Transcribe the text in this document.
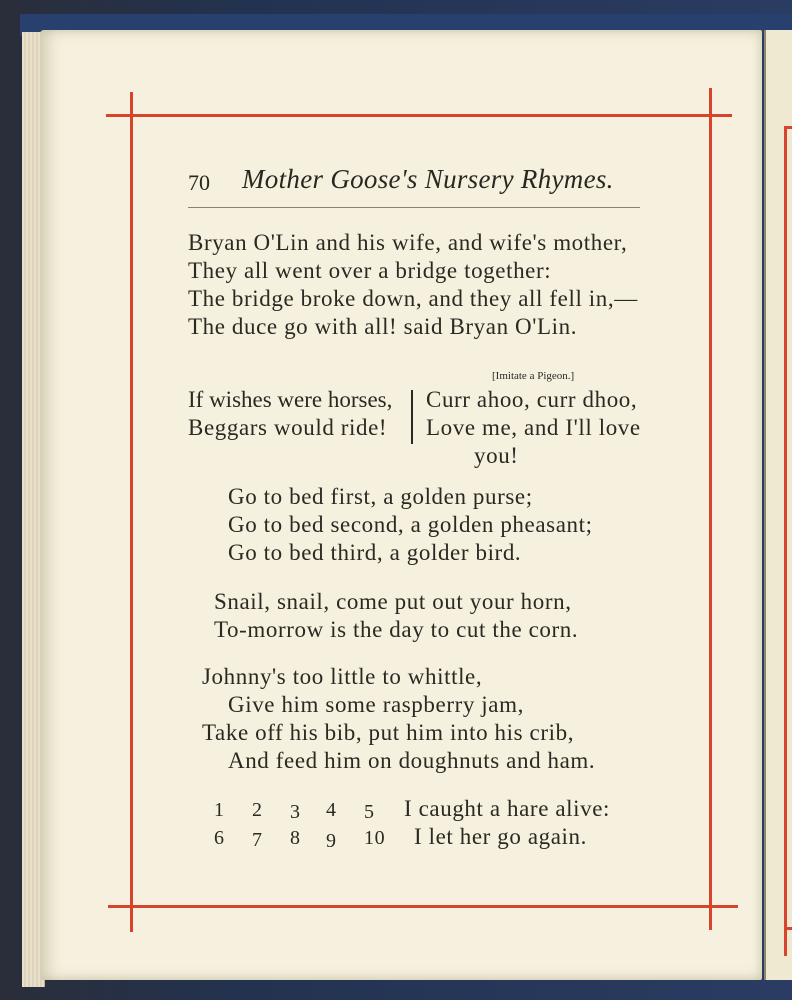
70 Mother Goose's Nursery Rhymes.
Bryan O'Lin and his wife, and wife's mother,
They all went over a bridge together:
The bridge broke down, and they all fell in,—
The duce go with all! said Bryan O'Lin.
[Imitate a Pigeon.]
If wishes were horses,
Beggars would ride!
Curr ahoo, curr dhoo,
Love me, and I'll love
you!
Go to bed first, a golden purse;
Go to bed second, a golden pheasant;
Go to bed third, a golder bird.
Snail, snail, come put out your horn,
To-morrow is the day to cut the corn.
Johnny's too little to whittle,
Give him some raspberry jam,
Take off his bib, put him into his crib,
And feed him on doughnuts and ham.
1 2 3 4 5 I caught a hare alive:
6 7 8 9 10 I let her go again.
